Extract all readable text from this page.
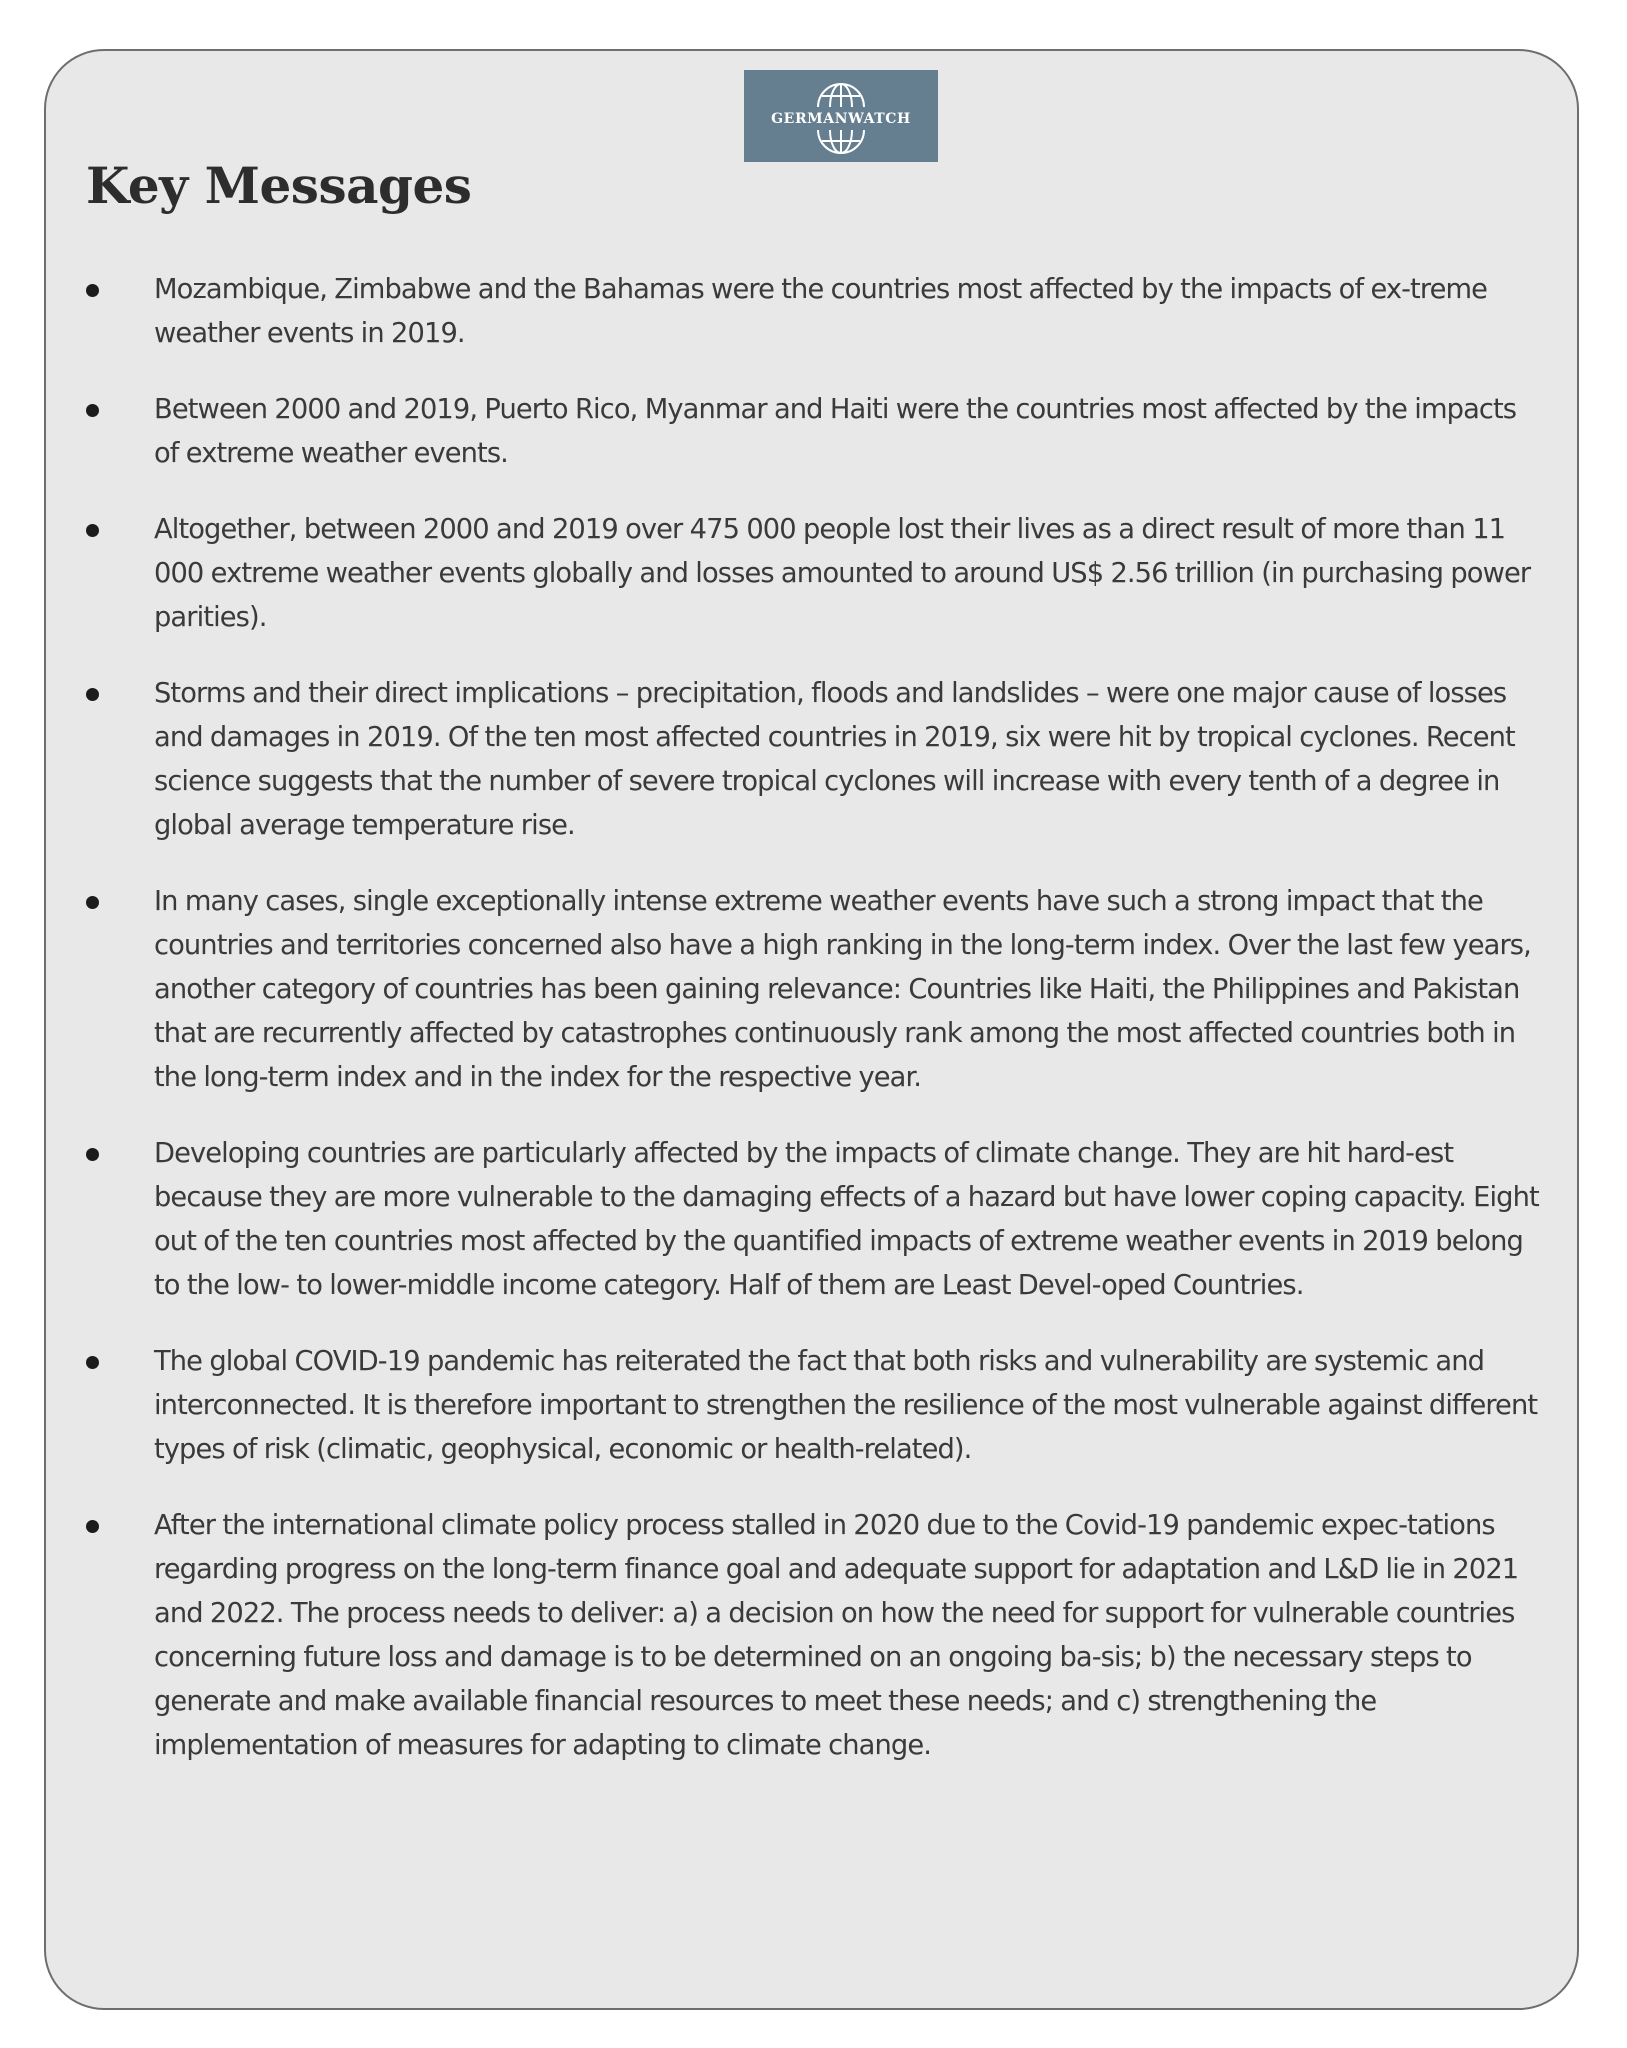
GERMANWATCH
Key Messages
Mozambique, Zimbabwe and the Bahamas were the countries most affected by the impacts of ex-treme weather events in 2019.
Between 2000 and 2019, Puerto Rico, Myanmar and Haiti were the countries most affected by the impacts of extreme weather events.
Altogether, between 2000 and 2019 over 475 000 people lost their lives as a direct result of more than 11 000 extreme weather events globally and losses amounted to around US$ 2.56 trillion (in purchasing power parities).
Storms and their direct implications – precipitation, floods and landslides – were one major cause of losses and damages in 2019. Of the ten most affected countries in 2019, six were hit by tropical cyclones. Recent science suggests that the number of severe tropical cyclones will increase with every tenth of a degree in global average temperature rise.
In many cases, single exceptionally intense extreme weather events have such a strong impact that the countries and territories concerned also have a high ranking in the long-term index. Over the last few years, another category of countries has been gaining relevance: Countries like Haiti, the Philippines and Pakistan that are recurrently affected by catastrophes continuously rank among the most affected countries both in the long-term index and in the index for the respective year.
Developing countries are particularly affected by the impacts of climate change. They are hit hard-est because they are more vulnerable to the damaging effects of a hazard but have lower coping capacity. Eight out of the ten countries most affected by the quantified impacts of extreme weather events in 2019 belong to the low- to lower-middle income category. Half of them are Least Devel-oped Countries.
The global COVID-19 pandemic has reiterated the fact that both risks and vulnerability are systemic and interconnected. It is therefore important to strengthen the resilience of the most vulnerable against different types of risk (climatic, geophysical, economic or health-related).
After the international climate policy process stalled in 2020 due to the Covid-19 pandemic expec-tations regarding progress on the long-term finance goal and adequate support for adaptation and L&D lie in 2021 and 2022. The process needs to deliver: a) a decision on how the need for support for vulnerable countries concerning future loss and damage is to be determined on an ongoing ba-sis; b) the necessary steps to generate and make available financial resources to meet these needs; and c) strengthening the implementation of measures for adapting to climate change.
